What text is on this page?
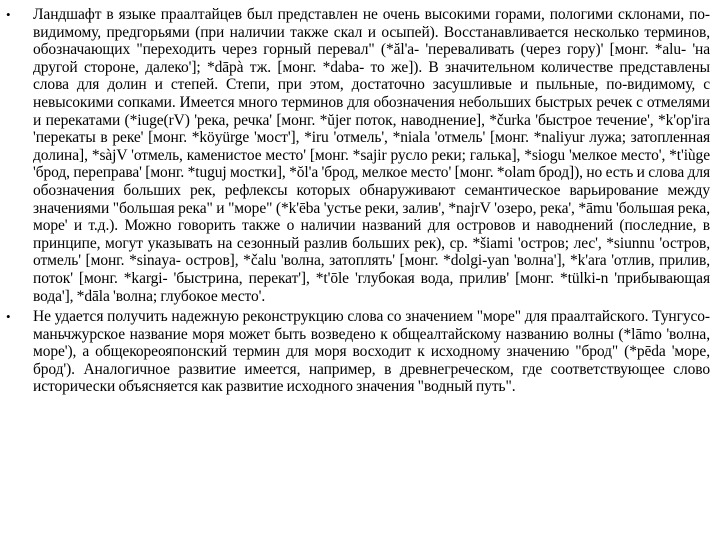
• Ландшафт в языке праалтайцев был представлен не очень высокими горами, пологими склонами, по-видимому, предгорьями (при наличии также скал и осыпей). Восстанавливается несколько терминов, обозначающих "переходить через горный перевал" (*ăl'a- 'переваливать (через гору)' [монг. *alu- 'на другой стороне, далеко']; *dāpà тж. [монг. *daba- то же]). В значительном количестве представлены слова для долин и степей. Степи, при этом, достаточно засушливые и пыльные, по-видимому, с невысокими сопками. Имеется много терминов для обозначения небольших быстрых речек с отмелями и перекатами (*iuge(rV) 'река, речка' [монг. *ŭjer поток, наводнение], *čurka 'быстрое течение', *k'op'ira 'перекаты в реке' [монг. *köyürge 'мост'], *iru 'отмель', *niala 'отмель' [монг. *naliyur лужа; затопленная долина], *sàjV 'отмель, каменистое место' [монг. *sajir русло реки; галька], *siogu 'мелкое место', *t'iùge 'брод, переправа' [монг. *tuguj мостки], *ŏl'a 'брод, мелкое место' [монг. *olam брод]), но есть и слова для обозначения больших рек, рефлексы которых обнаруживают семантическое варьирование между значениями "большая река" и "море" (*k'ēba 'устье реки, залив', *najrV 'озеро, река', *āmu 'большая река, море' и т.д.). Можно говорить также о наличии названий для островов и наводнений (последние, в принципе, могут указывать на сезонный разлив больших рек), ср. *šiami 'остров; лес', *siunnu 'остров, отмель' [монг. *sinaya- остров], *čalu 'волна, затоплять' [монг. *dolgi-yan 'волна'], *k'ara 'отлив, прилив, поток' [монг. *kargi- 'быстрина, перекат'], *t'ōle 'глубокая вода, прилив' [монг. *tülki-n 'прибывающая вода'], *dāla 'волна; глубокое место'.

• Не удается получить надежную реконструкцию слова со значением "море" для праалтайского. Тунгусо-маньчжурское название моря может быть возведено к общеалтайскому названию волны (*lāmo 'волна, море'), а общекореояпонский термин для моря восходит к исходному значению "брод" (*pēda 'море, брод'). Аналогичное развитие имеется, например, в древнегреческом, где соответствующее слово исторически объясняется как развитие исходного значения "водный путь".
